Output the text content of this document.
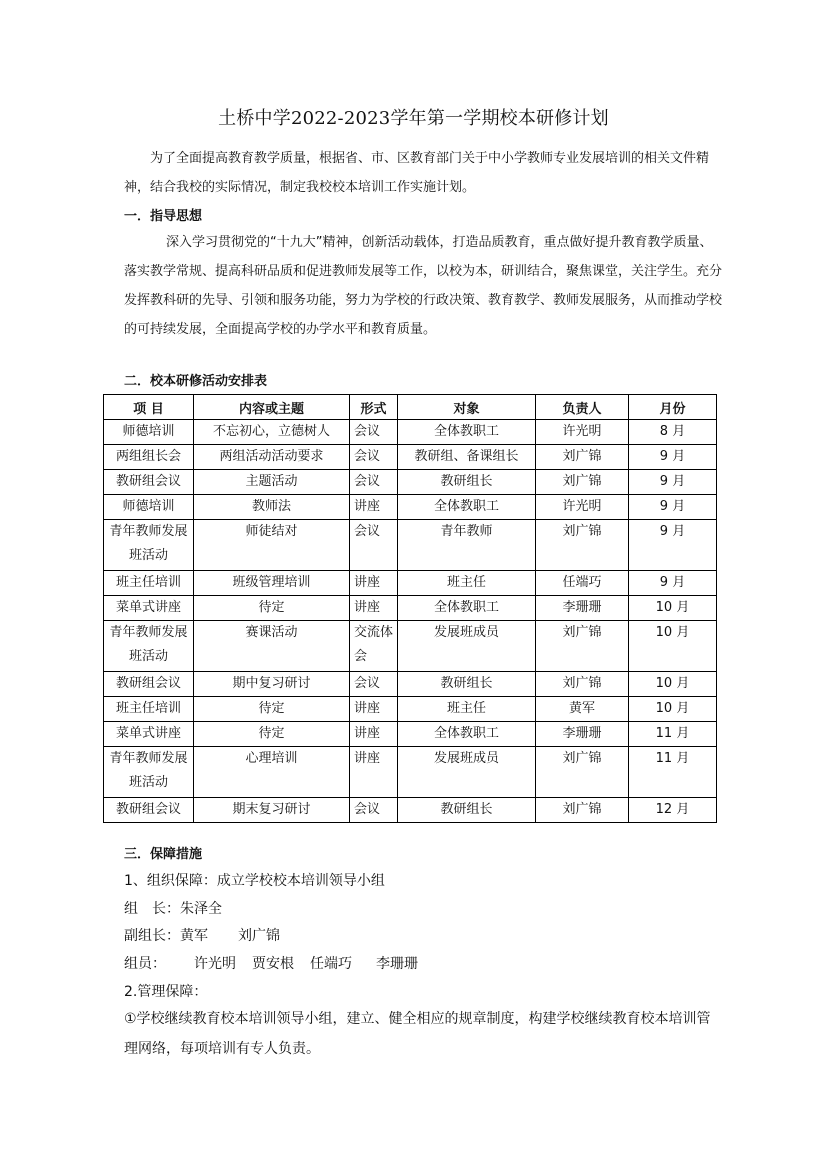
土桥中学2022-2023学年第一学期校本研修计划

为了全面提高教育教学质量，根据省、市、区教育部门关于中小学教师专业发展培训的相关文件精神，结合我校的实际情况，制定我校校本培训工作实施计划。

一．指导思想

深入学习贯彻党的“十九大”精神，创新活动载体，打造品质教育，重点做好提升教育教学质量、落实教学常规、提高科研品质和促进教师发展等工作，以校为本，研训结合，聚焦课堂，关注学生。充分发挥教科研的先导、引领和服务功能，努力为学校的行政决策、教育教学、教师发展服务，从而推动学校的可持续发展，全面提高学校的办学水平和教育质量。

二．校本研修活动安排表
项 目	内容或主题	形式	对象	负责人	月份
师德培训	不忘初心，立德树人	会议	全体教职工	许光明	8 月
两组组长会	两组活动活动要求	会议	教研组、备课组长	刘广锦	9 月
教研组会议	主题活动	会议	教研组长	刘广锦	9 月
师德培训	教师法	讲座	全体教职工	许光明	9 月
青年教师发展班活动	师徒结对	会议	青年教师	刘广锦	9 月
班主任培训	班级管理培训	讲座	班主任	任端巧	9 月
菜单式讲座	待定	讲座	全体教职工	李珊珊	10 月
青年教师发展班活动	赛课活动	交流体会	发展班成员	刘广锦	10 月
教研组会议	期中复习研讨	会议	教研组长	刘广锦	10 月
班主任培训	待定	讲座	班主任	黄军	10 月
菜单式讲座	待定	讲座	全体教职工	李珊珊	11 月
青年教师发展班活动	心理培训	讲座	发展班成员	刘广锦	11 月
教研组会议	期末复习研讨	会议	教研组长	刘广锦	12 月
三．保障措施
1、组织保障：成立学校校本培训领导小组
组　长：朱泽全
副组长：黄军 刘广锦
组员： 许光明 贾安根 任端巧 李珊珊
2.管理保障：

①学校继续教育校本培训领导小组，建立、健全相应的规章制度，构建学校继续教育校本培训管理网络，每项培训有专人负责。
